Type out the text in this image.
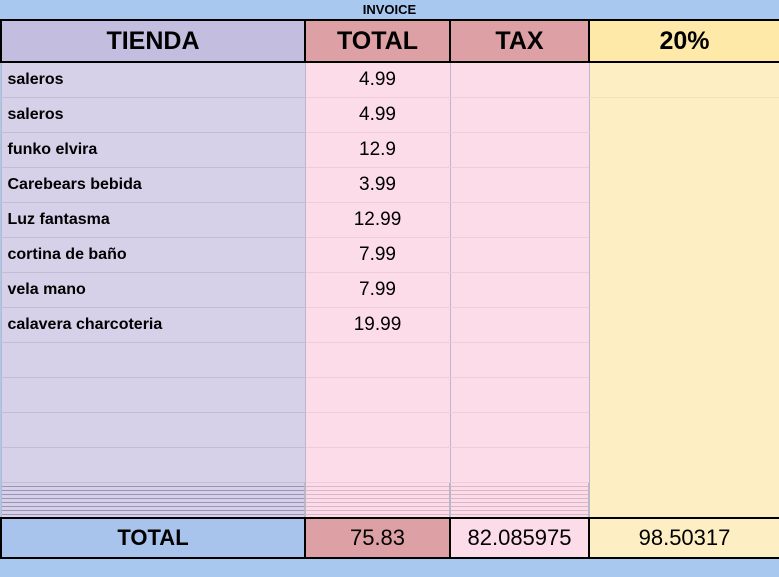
INVOICE
TIENDA	TOTAL	TAX	20%	
saleros	4.99			
saleros	4.99			
funko elvira	12.9			
Carebears bebida	3.99			
Luz fantasma	12.99			
cortina de baño	7.99			
vela mano	7.99			
calavera charcoteria	19.99			

TOTAL	75.83	82.085975	98.50317	
